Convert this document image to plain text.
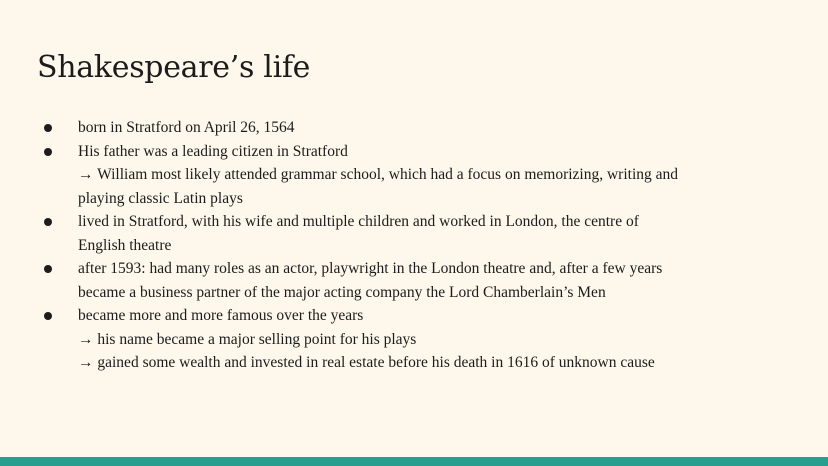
Shakespeare’s life
born in Stratford on April 26, 1564
His father was a leading citizen in Stratford
→ William most likely attended grammar school, which had a focus on memorizing, writing and
playing classic Latin plays
lived in Stratford, with his wife and multiple children and worked in London, the centre of
English theatre
after 1593: had many roles as an actor, playwright in the London theatre and, after a few years
became a business partner of the major acting company the Lord Chamberlain’s Men
became more and more famous over the years
→ his name became a major selling point for his plays
→ gained some wealth and invested in real estate before his death in 1616 of unknown cause
